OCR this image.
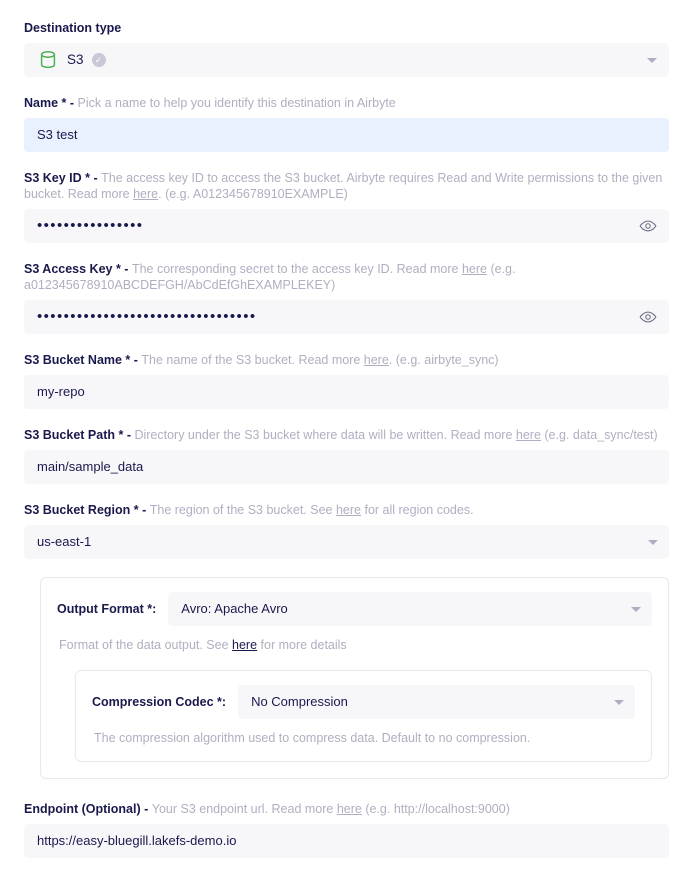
Destination type
S3	✓
Name * - Pick a name to help you identify this destination in Airbyte
S3 test
S3 Key ID * - The access key ID to access the S3 bucket. Airbyte requires Read and Write permissions to the given bucket. Read more here. (e.g. A012345678910EXAMPLE)
••••••••••••••••
S3 Access Key * - The corresponding secret to the access key ID. Read more here (e.g. a012345678910ABCDEFGH/AbCdEfGhEXAMPLEKEY)
•••••••••••••••••••••••••••••••••
S3 Bucket Name * - The name of the S3 bucket. Read more here. (e.g. airbyte_sync)
my-repo
S3 Bucket Path * - Directory under the S3 bucket where data will be written. Read more here (e.g. data_sync/test)
main/sample_data
S3 Bucket Region * - The region of the S3 bucket. See here for all region codes.
us-east-1
Output Format *:	Avro: Apache Avro
Format of the data output. See here for more details
Compression Codec *:	No Compression
The compression algorithm used to compress data. Default to no compression.
Endpoint (Optional) - Your S3 endpoint url. Read more here (e.g. http://localhost:9000)
https://easy-bluegill.lakefs-demo.io
